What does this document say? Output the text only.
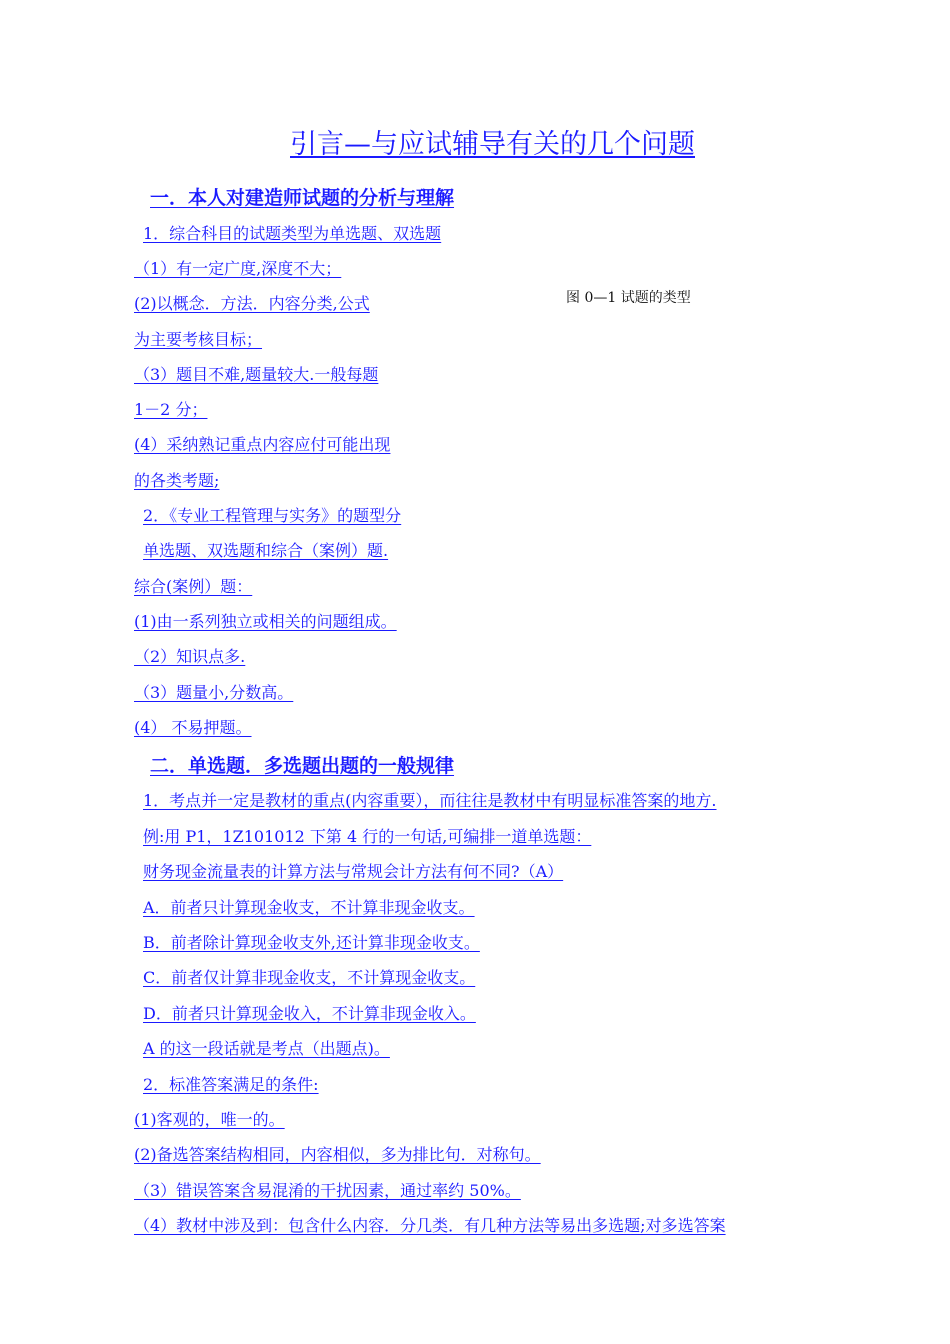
引言—与应试辅导有关的几个问题
图 0—1 试题的类型
一．本人对建造师试题的分析与理解
1．综合科目的试题类型为单选题、双选题
（1）有一定广度,深度不大；
(2)以概念．方法．内容分类,公式
为主要考核目标；
（3）题目不难,题量较大.一般每题
1－2 分；
(4）采纳熟记重点内容应付可能出现
的各类考题;
2．《专业工程管理与实务》的题型分
单选题、双选题和综合（案例）题.
综合(案例）题：
(1)由一系列独立或相关的问题组成。
（2）知识点多.
（3）题量小,分数高。
(4） 不易押题。
二．单选题．多选题出题的一般规律
1．考点并一定是教材的重点(内容重要），而往往是教材中有明显标准答案的地方.
例:用 P1，1Z101012 下第 4 行的一句话,可编排一道单选题：
财务现金流量表的计算方法与常规会计方法有何不同?（A）
A．前者只计算现金收支，不计算非现金收支。
B．前者除计算现金收支外,还计算非现金收支。
C．前者仅计算非现金收支，不计算现金收支。
D．前者只计算现金收入，不计算非现金收入。
A 的这一段话就是考点（出题点)。
2．标准答案满足的条件:
(1)客观的，唯一的。
(2)备选答案结构相同，内容相似，多为排比句．对称句。
（3）错误答案含易混淆的干扰因素，通过率约 50%。
（4）教材中涉及到：包含什么内容．分几类．有几种方法等易出多选题;对多选答案
